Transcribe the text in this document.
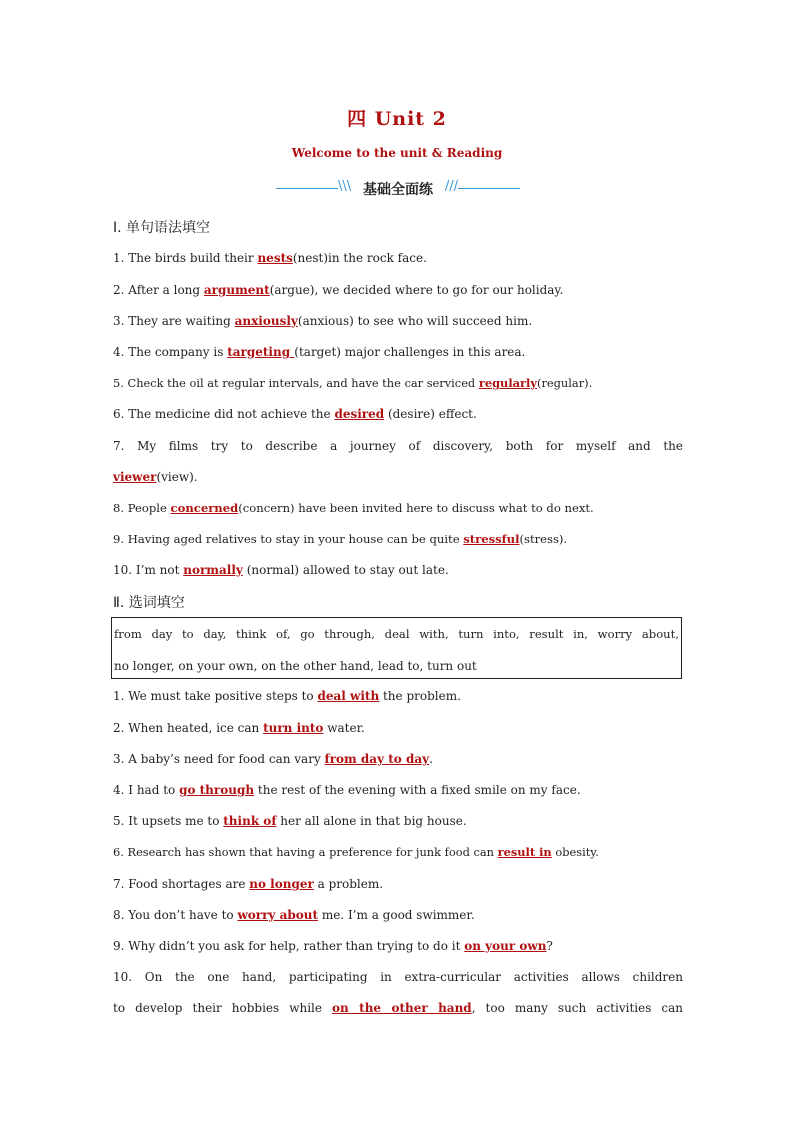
四 Unit 2
Welcome to the unit & Reading
\\\ 基础全面练 ///
Ⅰ. 单句语法填空
1. The birds build their nests(nest)in the rock face.
2. After a long argument(argue), we decided where to go for our holiday.
3. They are waiting anxiously(anxious) to see who will succeed him.
4. The company is targeting (target) major challenges in this area.
5. Check the oil at regular intervals, and have the car serviced regularly(regular).
6. The medicine did not achieve the desired (desire) effect.
7. My films try to describe a journey of discovery, both for myself and the
viewer(view).
8. People concerned(concern) have been invited here to discuss what to do next.
9. Having aged relatives to stay in your house can be quite stressful(stress).
10. I’m not normally (normal) allowed to stay out late.
Ⅱ. 选词填空
from day to day, think of, go through, deal with, turn into, result in, worry about,
no longer, on your own, on the other hand, lead to, turn out
1. We must take positive steps to deal with the problem.
2. When heated, ice can turn into water.
3. A baby’s need for food can vary from day to day.
4. I had to go through the rest of the evening with a fixed smile on my face.
5. It upsets me to think of her all alone in that big house.
6. Research has shown that having a preference for junk food can result in obesity.
7. Food shortages are no longer a problem.
8. You don’t have to worry about me. I’m a good swimmer.
9. Why didn’t you ask for help, rather than trying to do it on your own?
10. On the one hand, participating in extra-curricular activities allows children
to develop their hobbies while on the other hand, too many such activities can
